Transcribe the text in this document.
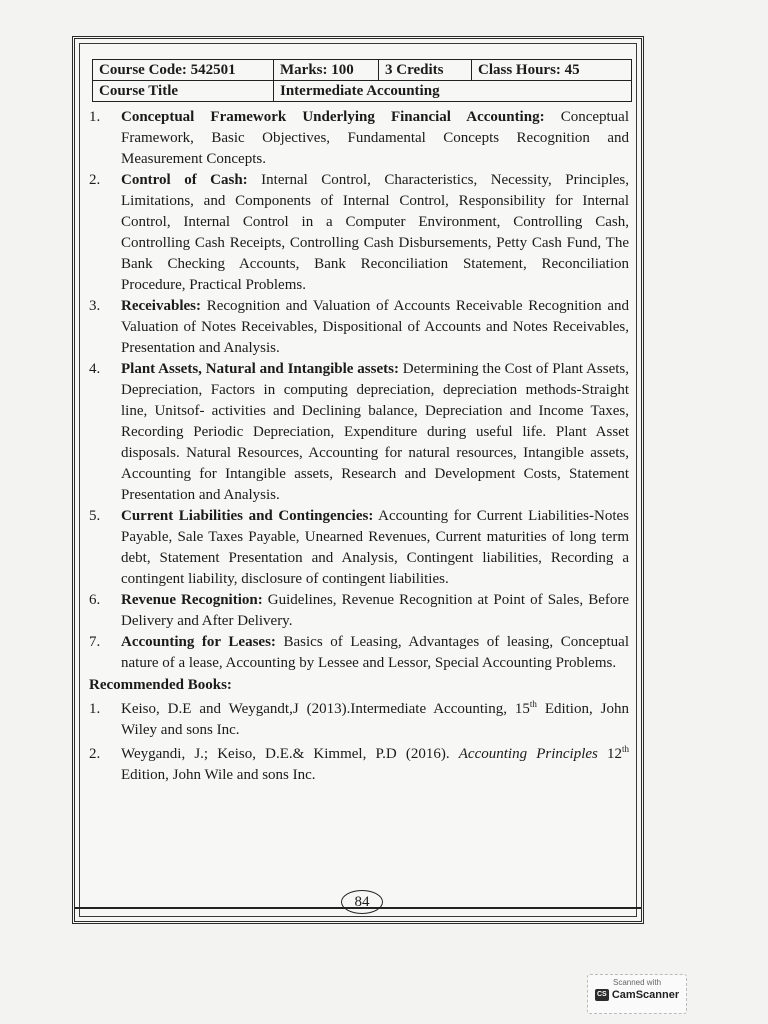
Course Code: 542501	Marks: 100	3 Credits	Class Hours: 45
Course Title	Intermediate Accounting		
1.	Conceptual Framework Underlying Financial Accounting: Conceptual Framework, Basic Objectives, Fundamental Concepts Recognition and Measurement Concepts.
2.	Control of Cash: Internal Control, Characteristics, Necessity, Principles, Limitations, and Components of Internal Control, Responsibility for Internal Control, Internal Control in a Computer Environment, Controlling Cash, Controlling Cash Receipts, Controlling Cash Disbursements, Petty Cash Fund, The Bank Checking Accounts, Bank Reconciliation Statement, Reconciliation Procedure, Practical Problems.
3.	Receivables: Recognition and Valuation of Accounts Receivable Recognition and Valuation of Notes Receivables, Dispositional of Accounts and Notes Receivables, Presentation and Analysis.
4.	Plant Assets, Natural and Intangible assets: Determining the Cost of Plant Assets, Depreciation, Factors in computing depreciation, depreciation methods-Straight line, Unitsof- activities and Declining balance, Depreciation and Income Taxes, Recording Periodic Depreciation, Expenditure during useful life. Plant Asset disposals. Natural Resources, Accounting for natural resources, Intangible assets, Accounting for Intangible assets, Research and Development Costs, Statement Presentation and Analysis.
5.	Current Liabilities and Contingencies: Accounting for Current Liabilities-Notes Payable, Sale Taxes Payable, Unearned Revenues, Current maturities of long term debt, Statement Presentation and Analysis, Contingent liabilities, Recording a contingent liability, disclosure of contingent liabilities.
6.	Revenue Recognition: Guidelines, Revenue Recognition at Point of Sales, Before Delivery and After Delivery.
7.	Accounting for Leases: Basics of Leasing, Advantages of leasing, Conceptual nature of a lease, Accounting by Lessee and Lessor, Special Accounting Problems.
Recommended Books:
1.	Keiso, D.E and Weygandt,J (2013).Intermediate Accounting, 15th Edition, John Wiley and sons Inc.
2.	Weygandi, J.; Keiso, D.E.& Kimmel, P.D (2016). Accounting Principles 12th Edition, John Wile and sons Inc.
84
Scanned with
CS CamScanner
